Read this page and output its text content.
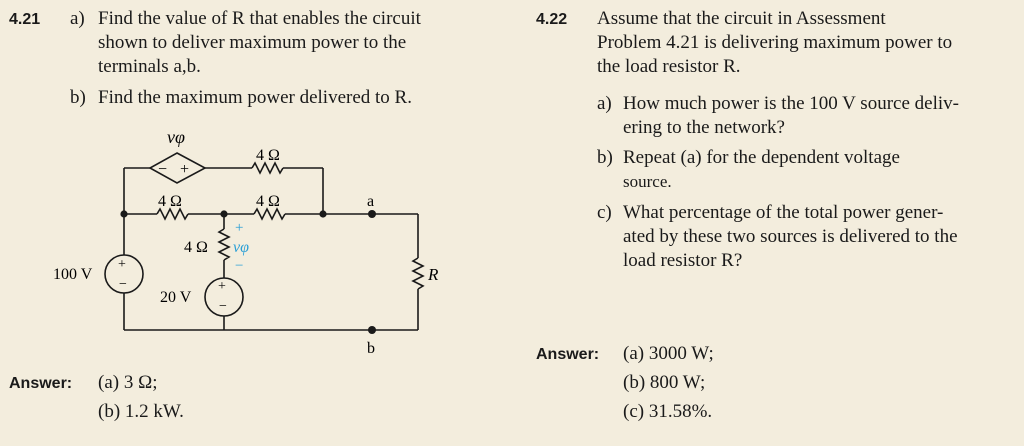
4.21 a) Find the value of R that enables the circuit
shown to deliver maximum power to the
terminals a,b.
b) Find the maximum power delivered to R.
Answer: (a) 3 Ω;
(b) 1.2 kW.
vφ
− +
4 Ω
4 Ω	4 Ω
4 Ω
+
vφ
−
100 V
+
−
20 V
+
−
a
b
R
4.22 Assume that the circuit in Assessment
Problem 4.21 is delivering maximum power to
the load resistor R.
a) How much power is the 100 V source deliv-
ering to the network?
b) Repeat (a) for the dependent voltage
source.
c) What percentage of the total power gener-
ated by these two sources is delivered to the
load resistor R?
Answer: (a) 3000 W;
(b) 800 W;
(c) 31.58%.
